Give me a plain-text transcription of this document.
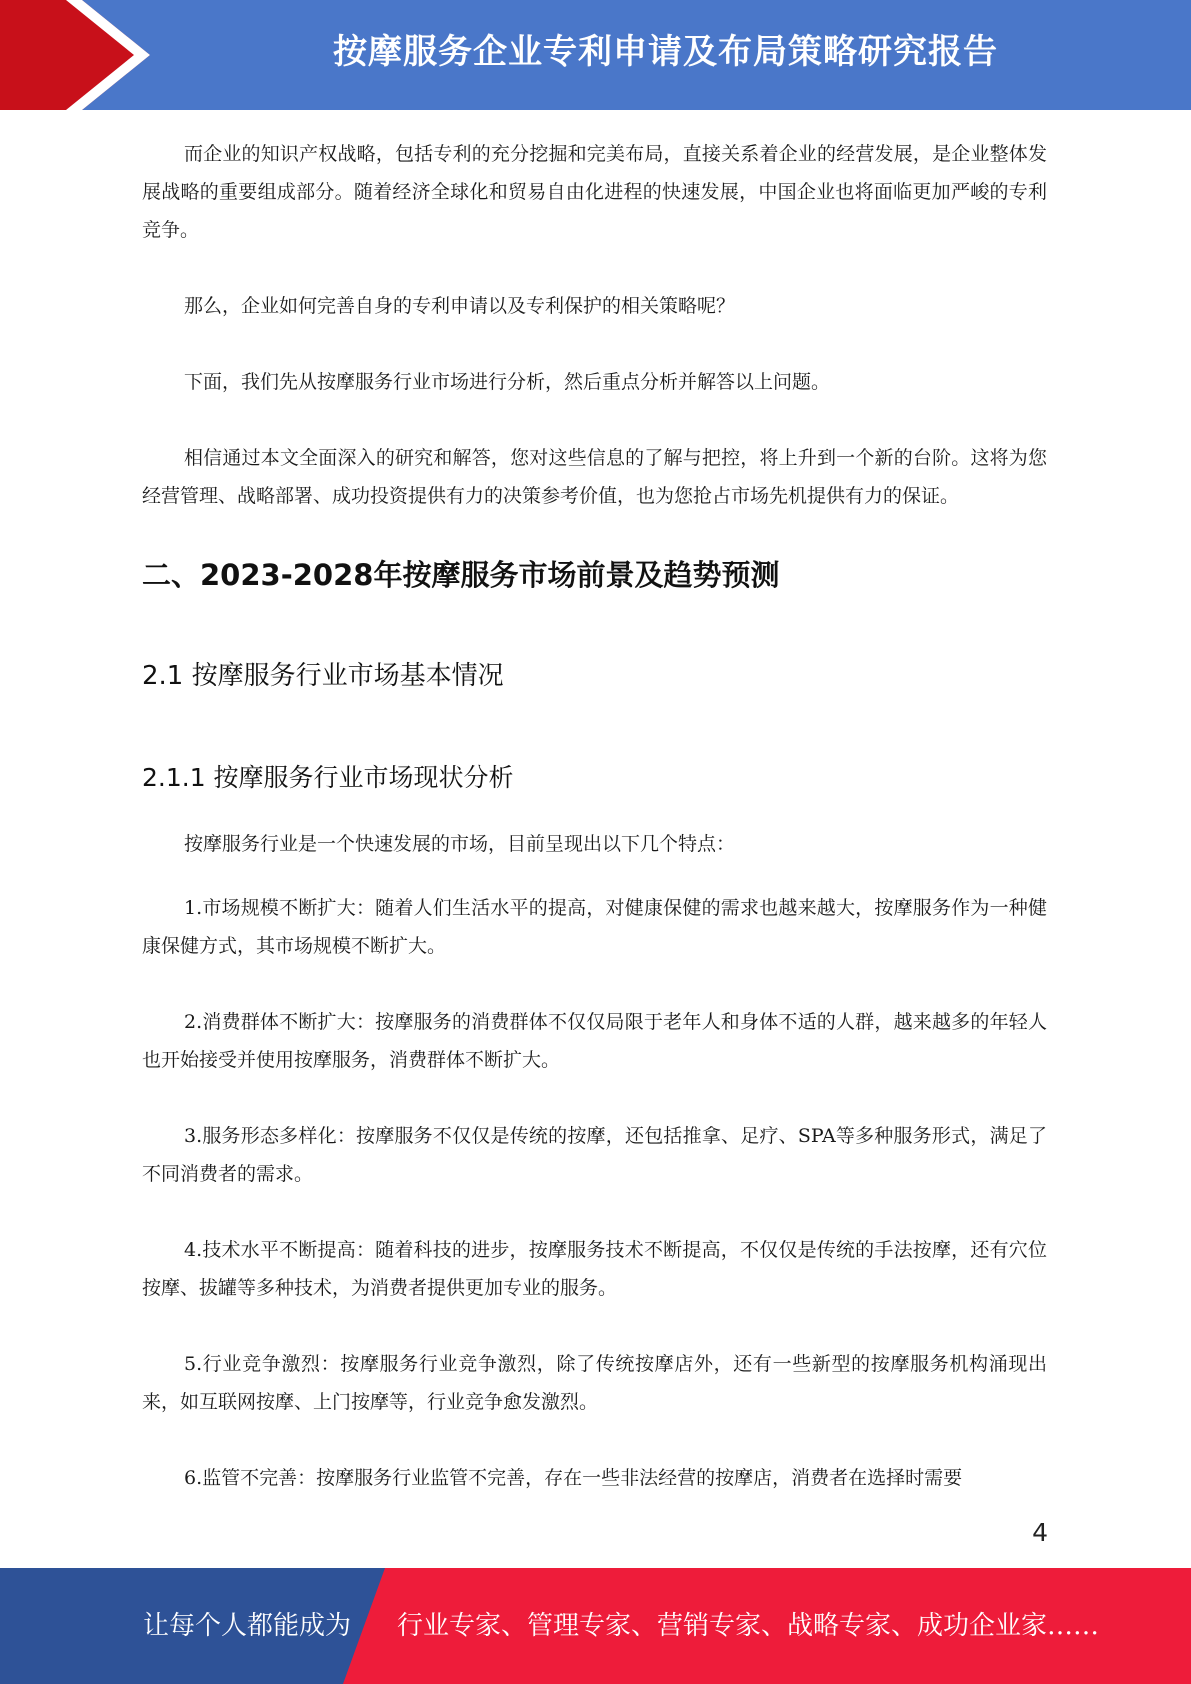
按摩服务企业专利申请及布局策略研究报告

而企业的知识产权战略，包括专利的充分挖掘和完美布局，直接关系着企业的经营发展，是企业整体发展战略的重要组成部分。随着经济全球化和贸易自由化进程的快速发展，中国企业也将面临更加严峻的专利竞争。

那么，企业如何完善自身的专利申请以及专利保护的相关策略呢？

下面，我们先从按摩服务行业市场进行分析，然后重点分析并解答以上问题。

相信通过本文全面深入的研究和解答，您对这些信息的了解与把控，将上升到一个新的台阶。这将为您经营管理、战略部署、成功投资提供有力的决策参考价值，也为您抢占市场先机提供有力的保证。

二、2023-2028年按摩服务市场前景及趋势预测
2.1 按摩服务行业市场基本情况
2.1.1 按摩服务行业市场现状分析

按摩服务行业是一个快速发展的市场，目前呈现出以下几个特点：

1.市场规模不断扩大：随着人们生活水平的提高，对健康保健的需求也越来越大，按摩服务作为一种健康保健方式，其市场规模不断扩大。

2.消费群体不断扩大：按摩服务的消费群体不仅仅局限于老年人和身体不适的人群，越来越多的年轻人也开始接受并使用按摩服务，消费群体不断扩大。

3.服务形态多样化：按摩服务不仅仅是传统的按摩，还包括推拿、足疗、SPA等多种服务形式，满足了不同消费者的需求。

4.技术水平不断提高：随着科技的进步，按摩服务技术不断提高，不仅仅是传统的手法按摩，还有穴位按摩、拔罐等多种技术，为消费者提供更加专业的服务。

5.行业竞争激烈：按摩服务行业竞争激烈，除了传统按摩店外，还有一些新型的按摩服务机构涌现出来，如互联网按摩、上门按摩等，行业竞争愈发激烈。

6.监管不完善：按摩服务行业监管不完善，存在一些非法经营的按摩店，消费者在选择时需要

4
让每个人都能成为 行业专家、管理专家、营销专家、战略专家、成功企业家……
